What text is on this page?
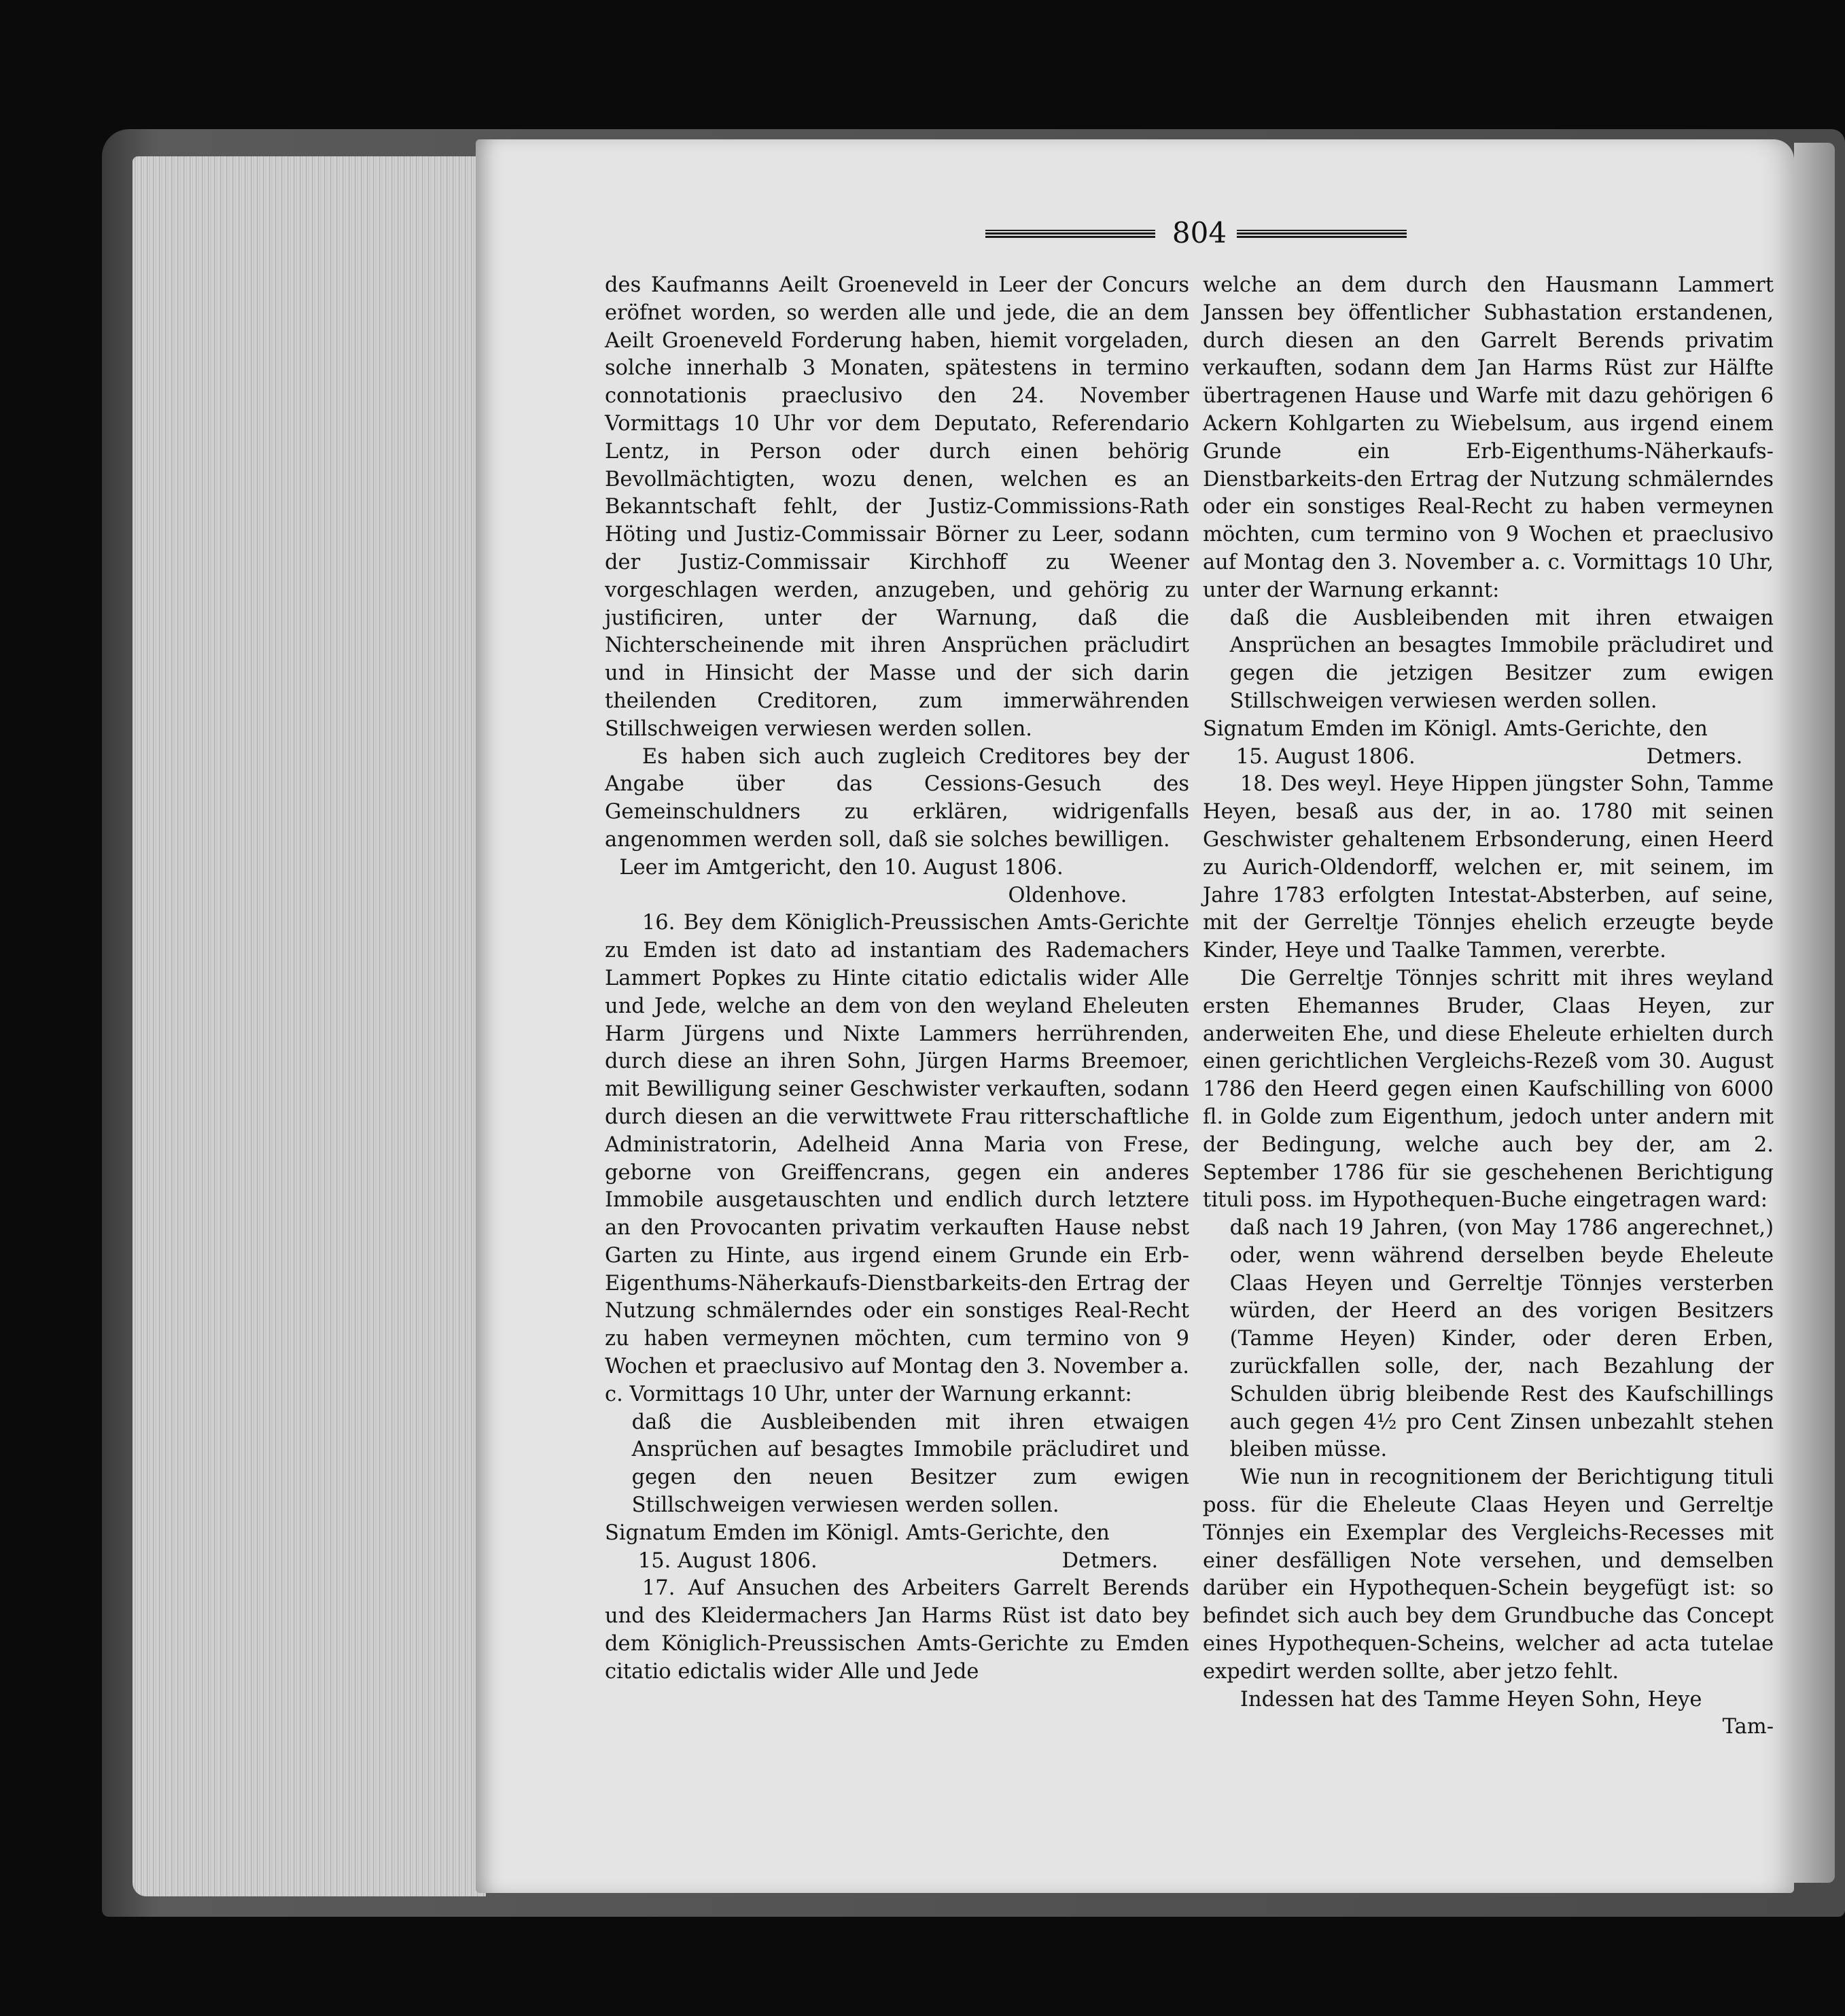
804

des Kaufmanns Aeilt Groeneveld in Leer der Concurs eröfnet worden, so werden alle und jede, die an dem Aeilt Groeneveld Forderung haben, hiemit vorgeladen, solche innerhalb 3 Monaten, spätestens in termino connotationis praeclusivo den 24. November Vormittags 10 Uhr vor dem Deputato, Referendario Lentz, in Person oder durch einen behörig Bevollmächtigten, wozu denen, welchen es an Bekanntschaft fehlt, der Justiz-Commissions-Rath Höting und Justiz-Commissair Börner zu Leer, sodann der Justiz-Commissair Kirchhoff zu Weener vorgeschlagen werden, anzugeben, und gehörig zu justificiren, unter der Warnung, daß die Nichterscheinende mit ihren Ansprüchen präcludirt und in Hinsicht der Masse und der sich darin theilenden Creditoren, zum immerwährenden Stillschweigen verwiesen werden sollen.

Es haben sich auch zugleich Creditores bey der Angabe über das Cessions-Gesuch des Gemeinschuldners zu erklären, widrigenfalls angenommen werden soll, daß sie solches bewilligen.

Leer im Amtgericht, den 10. August 1806.

Oldenhove.

16. Bey dem Königlich-Preussischen Amts-Gerichte zu Emden ist dato ad instantiam des Rademachers Lammert Popkes zu Hinte citatio edictalis wider Alle und Jede, welche an dem von den weyland Eheleuten Harm Jürgens und Nixte Lammers herrührenden, durch diese an ihren Sohn, Jürgen Harms Breemoer, mit Bewilligung seiner Geschwister verkauften, sodann durch diesen an die verwittwete Frau ritterschaftliche Administratorin, Adelheid Anna Maria von Frese, geborne von Greiffencrans, gegen ein anderes Immobile ausgetauschten und endlich durch letztere an den Provocanten privatim verkauften Hause nebst Garten zu Hinte, aus irgend einem Grunde ein Erb-Eigenthums-Näherkaufs-Dienstbarkeits-den Ertrag der Nutzung schmälerndes oder ein sonstiges Real-Recht zu haben vermeynen möchten, cum termino von 9 Wochen et praeclusivo auf Montag den 3. November a. c. Vormittags 10 Uhr, unter der Warnung erkannt:

daß die Ausbleibenden mit ihren etwaigen Ansprüchen auf besagtes Immobile präcludiret und gegen den neuen Besitzer zum ewigen Stillschweigen verwiesen werden sollen.

Signatum Emden im Königl. Amts-Gerichte, den

15. August 1806.	Detmers.

17. Auf Ansuchen des Arbeiters Garrelt Berends und des Kleidermachers Jan Harms Rüst ist dato bey dem Königlich-Preussischen Amts-Gerichte zu Emden citatio edictalis wider Alle und Jede

welche an dem durch den Hausmann Lammert Janssen bey öffentlicher Subhastation erstandenen, durch diesen an den Garrelt Berends privatim verkauften, sodann dem Jan Harms Rüst zur Hälfte übertragenen Hause und Warfe mit dazu gehörigen 6 Ackern Kohlgarten zu Wiebelsum, aus irgend einem Grunde ein Erb-Eigenthums-Näherkaufs-Dienstbarkeits-den Ertrag der Nutzung schmälerndes oder ein sonstiges Real-Recht zu haben vermeynen möchten, cum termino von 9 Wochen et praeclusivo auf Montag den 3. November a. c. Vormittags 10 Uhr, unter der Warnung erkannt:

daß die Ausbleibenden mit ihren etwaigen Ansprüchen an besagtes Immobile präcludiret und gegen die jetzigen Besitzer zum ewigen Stillschweigen verwiesen werden sollen.

Signatum Emden im Königl. Amts-Gerichte, den

15. August 1806.	Detmers.

18. Des weyl. Heye Hippen jüngster Sohn, Tamme Heyen, besaß aus der, in ao. 1780 mit seinen Geschwister gehaltenem Erbsonderung, einen Heerd zu Aurich-Oldendorff, welchen er, mit seinem, im Jahre 1783 erfolgten Intestat-Absterben, auf seine, mit der Gerreltje Tönnjes ehelich erzeugte beyde Kinder, Heye und Taalke Tammen, vererbte.

Die Gerreltje Tönnjes schritt mit ihres weyland ersten Ehemannes Bruder, Claas Heyen, zur anderweiten Ehe, und diese Eheleute erhielten durch einen gerichtlichen Vergleichs-Rezeß vom 30. August 1786 den Heerd gegen einen Kaufschilling von 6000 fl. in Golde zum Eigenthum, jedoch unter andern mit der Bedingung, welche auch bey der, am 2. September 1786 für sie geschehenen Berichtigung tituli poss. im Hypothequen-Buche eingetragen ward:

daß nach 19 Jahren, (von May 1786 angerechnet,) oder, wenn während derselben beyde Eheleute Claas Heyen und Gerreltje Tönnjes versterben würden, der Heerd an des vorigen Besitzers (Tamme Heyen) Kinder, oder deren Erben, zurückfallen solle, der, nach Bezahlung der Schulden übrig bleibende Rest des Kaufschillings auch gegen 4½ pro Cent Zinsen unbezahlt stehen bleiben müsse.

Wie nun in recognitionem der Berichtigung tituli poss. für die Eheleute Claas Heyen und Gerreltje Tönnjes ein Exemplar des Vergleichs-Recesses mit einer desfälligen Note versehen, und demselben darüber ein Hypothequen-Schein beygefügt ist: so befindet sich auch bey dem Grundbuche das Concept eines Hypothequen-Scheins, welcher ad acta tutelae expedirt werden sollte, aber jetzo fehlt.

Indessen hat des Tamme Heyen Sohn, Heye

Tam-
